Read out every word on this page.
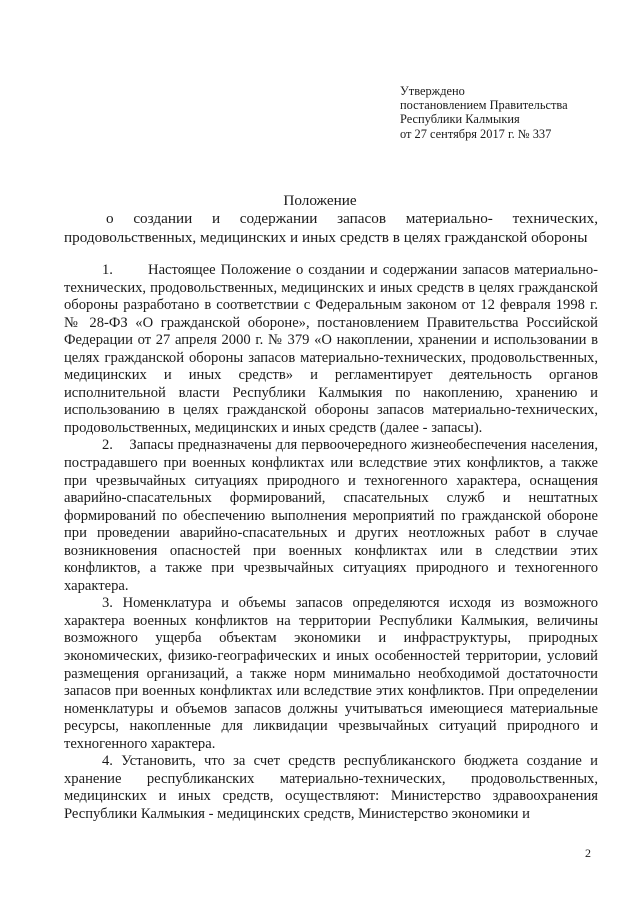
Утверждено
постановлением Правительства
Республики Калмыкия
от 27 сентября 2017 г. № 337
Положение
о создании и содержании запасов материально- технических,
продовольственных, медицинских и иных средств в целях гражданской обороны

1.       Настоящее Положение о создании и содержании запасов материально- технических, продовольственных, медицинских и иных средств в целях гражданской обороны разработано в соответствии с Федеральным законом от 12 февраля 1998 г. № 28-ФЗ «О гражданской обороне», постановлением Правительства Российской Федерации от 27 апреля 2000 г. № 379 «О накоплении, хранении и использовании в целях гражданской обороны запасов материально-технических, продовольственных, медицинских и иных средств» и регламентирует деятельность органов исполнительной власти Республики Калмыкия по накоплению, хранению и использованию в целях гражданской обороны запасов материально-технических, продовольственных, медицинских и иных средств (далее - запасы).

2.    Запасы предназначены для первоочередного жизнеобеспечения населения, пострадавшего при военных конфликтах или вследствие этих конфликтов, а также при чрезвычайных ситуациях природного и техногенного характера, оснащения аварийно-спасательных формирований, спасательных служб и нештатных формирований по обеспечению выполнения мероприятий по гражданской обороне при проведении аварийно-спасательных и других неотложных работ в случае возникновения опасностей при военных конфликтах или в следствии этих конфликтов, а также при чрезвычайных ситуациях природного и техногенного характера.

3. Номенклатура и объемы запасов определяются исходя из возможного характера военных конфликтов на территории Республики Калмыкия, величины возможного ущерба объектам экономики и инфраструктуры, природных экономических, физико-географических и иных особенностей территории, условий размещения организаций, а также норм минимально необходимой достаточности запасов при военных конфликтах или вследствие этих конфликтов. При определении номенклатуры и объемов запасов должны учитываться имеющиеся материальные ресурсы, накопленные для ликвидации чрезвычайных ситуаций природного и техногенного характера.

4. Установить, что за счет средств республиканского бюджета создание и хранение республиканских материально-технических, продовольственных, медицинских и иных средств, осуществляют: Министерство здравоохранения Республики Калмыкия - медицинских средств, Министерство экономики и

2
